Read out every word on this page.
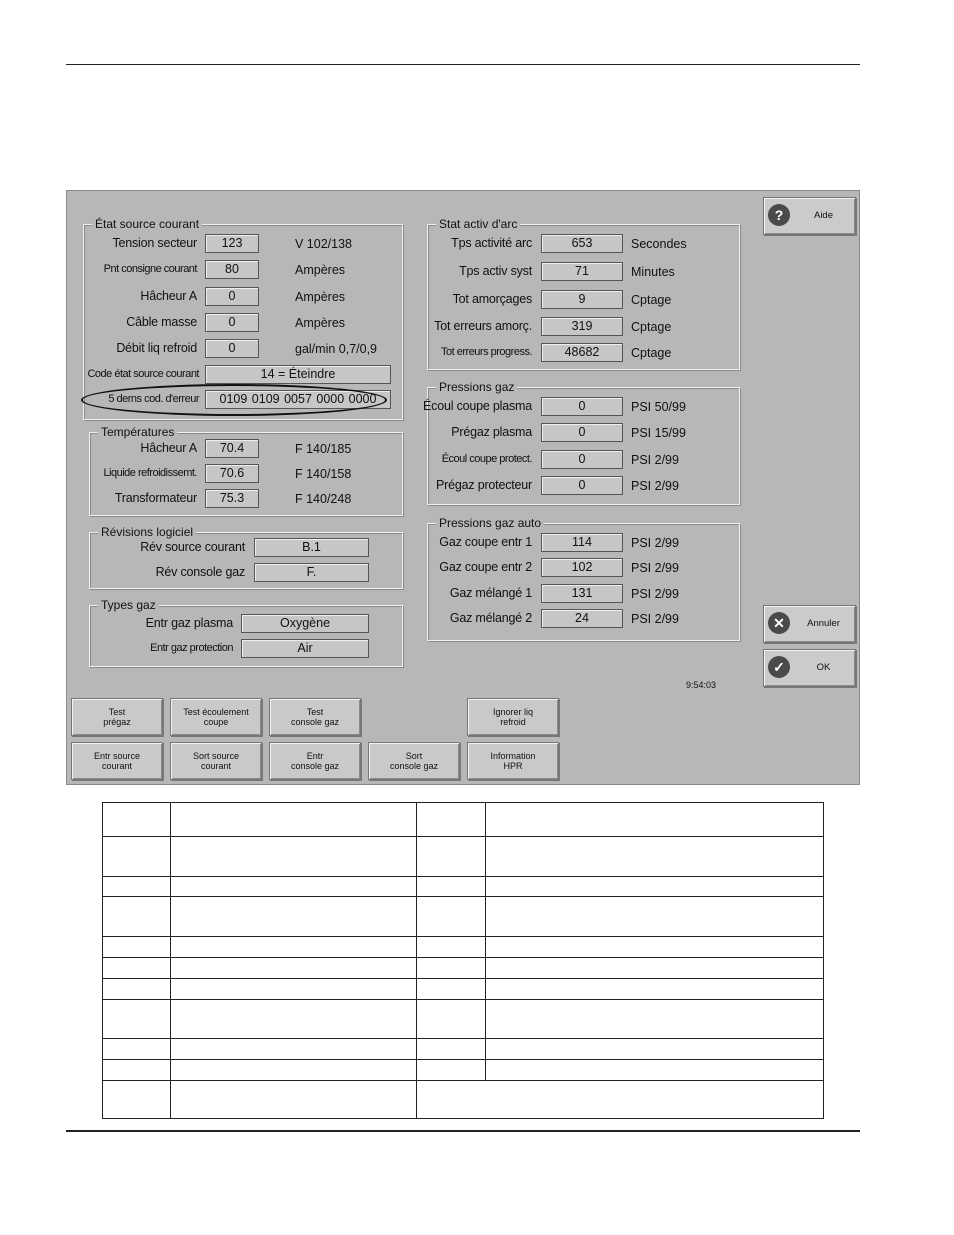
État source courant
Code état source courant	14 = Éteindre
5 derns cod. d'erreur	0109 0109 0057 0000 0000
Températures
Révisions logiciel
Types gaz
Stat activ d'arc
Pressions gaz
Pressions gaz auto
?	Aide
✕	Annuler
✓	OK
9:54:03
Tension secteur	123	V 102/138
Pnt consigne courant	80	Ampères
Hâcheur A	0	Ampères
Câble masse	0	Ampères
Débit liq refroid	0	gal/min 0,7/0,9
Hâcheur A	70.4	F 140/185
Liquide refroidissemt.	70.6	F 140/158
Transformateur	75.3	F 140/248
Rév source courant	B.1
Rév console gaz	F.
Entr gaz plasma	Oxygène
Entr gaz protection	Air
Tps activité arc	653	Secondes
Tps activ syst	71	Minutes
Tot amorçages	9	Cptage
Tot erreurs amorç.	319	Cptage
Tot erreurs progress.	48682	Cptage
Écoul coupe plasma	0	PSI 50/99
Prégaz plasma	0	PSI 15/99
Écoul coupe protect.	0	PSI 2/99
Prégaz protecteur	0	PSI 2/99
Gaz coupe entr 1	114	PSI 2/99
Gaz coupe entr 2	102	PSI 2/99
Gaz mélangé 1	131	PSI 2/99
Gaz mélangé 2	24	PSI 2/99
Test
prégaz
Test écoulement
coupe
Test
console gaz
Ignorer liq
refroid
Entr source
courant
Sort source
courant
Entr
console gaz
Sort
console gaz
Information
HPR
